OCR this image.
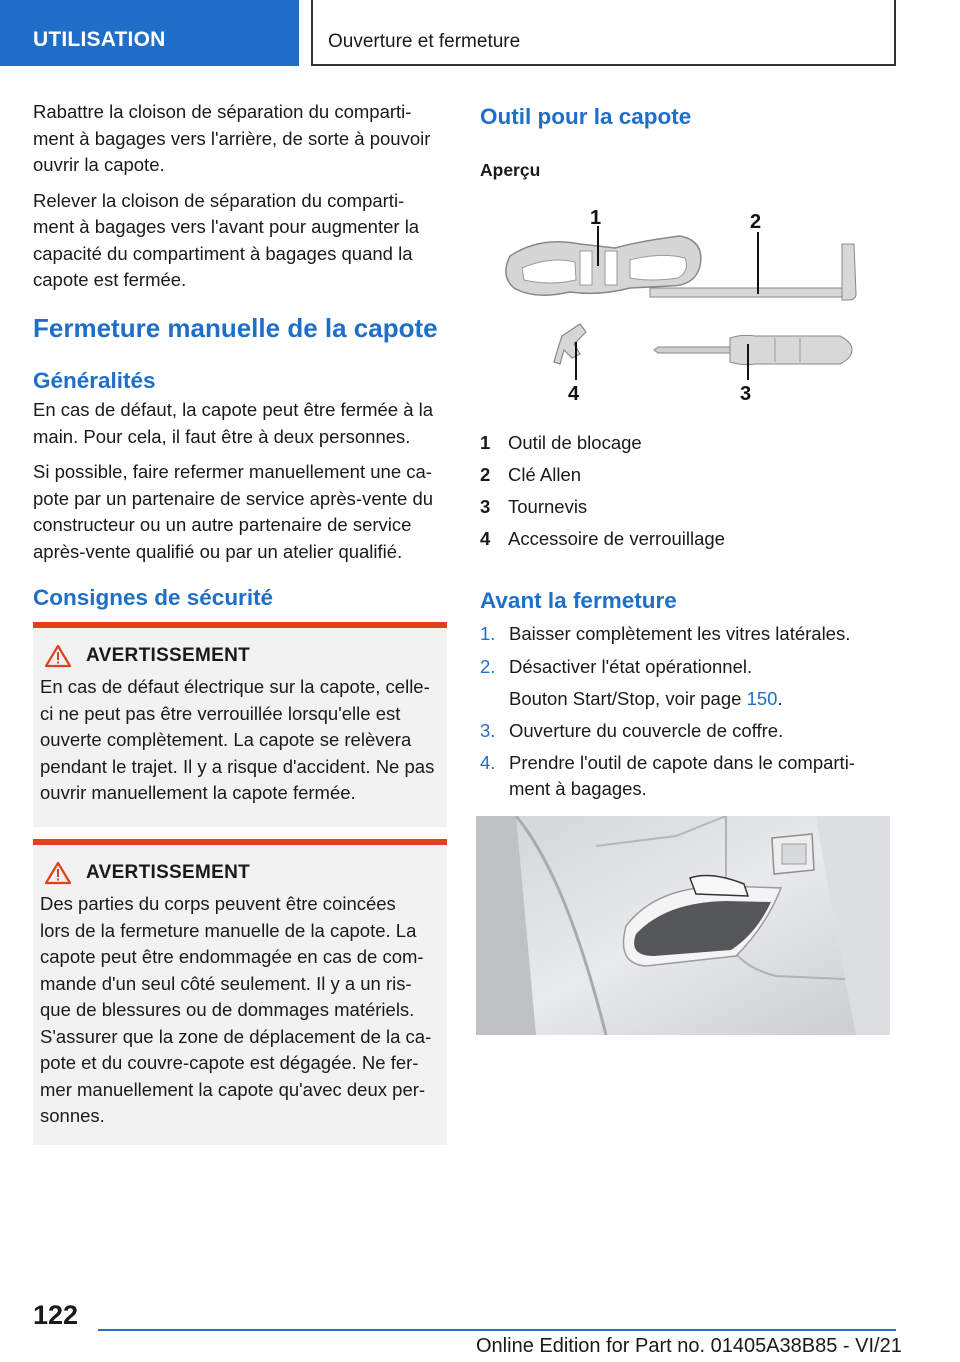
UTILISATION	Ouverture et fermeture

Rabattre la cloison de séparation du comparti-
ment à bagages vers l'arrière, de sorte à pouvoir
ouvrir la capote.

Relever la cloison de séparation du comparti-
ment à bagages vers l'avant pour augmenter la
capacité du compartiment à bagages quand la
capote est fermée.

Fermeture manuelle de la capote
Généralités

En cas de défaut, la capote peut être fermée à la
main. Pour cela, il faut être à deux personnes.

Si possible, faire refermer manuellement une ca-
pote par un partenaire de service après-vente du
constructeur ou un autre partenaire de service
après-vente qualifié ou par un atelier qualifié.

Consignes de sécurité
AVERTISSEMENT

En cas de défaut électrique sur la capote, celle-
ci ne peut pas être verrouillée lorsqu'elle est
ouverte complètement. La capote se relèvera
pendant le trajet. Il y a risque d'accident. Ne pas
ouvrir manuellement la capote fermée.

AVERTISSEMENT

Des parties du corps peuvent être coincées
lors de la fermeture manuelle de la capote. La
capote peut être endommagée en cas de com-
mande d'un seul côté seulement. Il y a un ris-
que de blessures ou de dommages matériels.
S'assurer que la zone de déplacement de la ca-
pote et du couvre-capote est dégagée. Ne fer-
mer manuellement la capote qu'avec deux per-
sonnes.

Outil pour la capote
Aperçu
1	2
3
4
1 Outil de blocage
2 Clé Allen
3 Tournevis
4 Accessoire de verrouillage
Avant la fermeture
1. Baisser complètement les vitres latérales.
2. Désactiver l'état opérationnel.
Bouton Start/Stop, voir page 150.
3. Ouverture du couvercle de coffre.
4. Prendre l'outil de capote dans le comparti-
ment à bagages.
122
Online Edition for Part no. 01405A38B85 - VI/21
